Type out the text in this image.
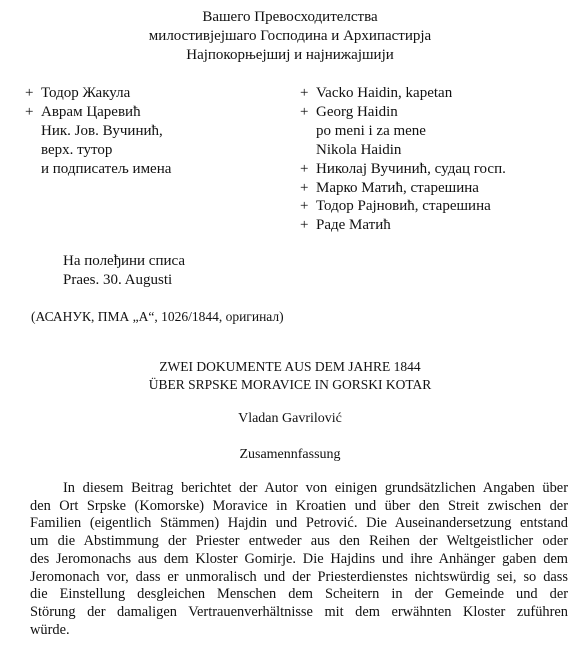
Вашего Превосходителства
милостивјејшаго Господина и Архипастирја
Најпокорњејшиј и најнижајшији
+ Тодор Жакула
+ Аврам Царевић
Ник. Јов. Вучинић,
верх. тутор
и подписатељ имена
+ Vacko Haidin, kapetan
+ Georg Haidin
po meni i za mene
Nikola Haidin
+ Николај Вучинић, судац госп.
+ Марко Матић, старешина
+ Тодор Рајновић, старешина
+ Раде Матић
На полеђини списа
Praes. 30. Augusti
(АСАНУК, ПМА „А“, 1026/1844, оригинал)
ZWEI DOKUMENTE AUS DEM JAHRE 1844
ÜBER SRPSKE MORAVICE IN GORSKI KOTAR
Vladan Gavrilović
Zusamennfassung
In diesem Beitrag berichtet der Autor von einigen grundsätzlichen Angaben über
den Ort Srpske (Komorske) Moravice in Kroatien und über den Streit zwischen der
Familien (eigentlich Stämmen) Hajdin und Petrović. Die Auseinandersetzung entstand
um die Abstimmung der Priester entweder aus den Reihen der Weltgeistlicher oder
des Jeromonachs aus dem Kloster Gomirje. Die Hajdins und ihre Anhänger gaben dem
Jeromonach vor, dass er unmoralisch und der Priesterdienstes nichtswürdig sei, so dass
die Einstellung desgleichen Menschen dem Scheitern in der Gemeinde und der
Störung der damaligen Vertrauenverhältnisse mit dem erwähnten Kloster zuführen
würde.
